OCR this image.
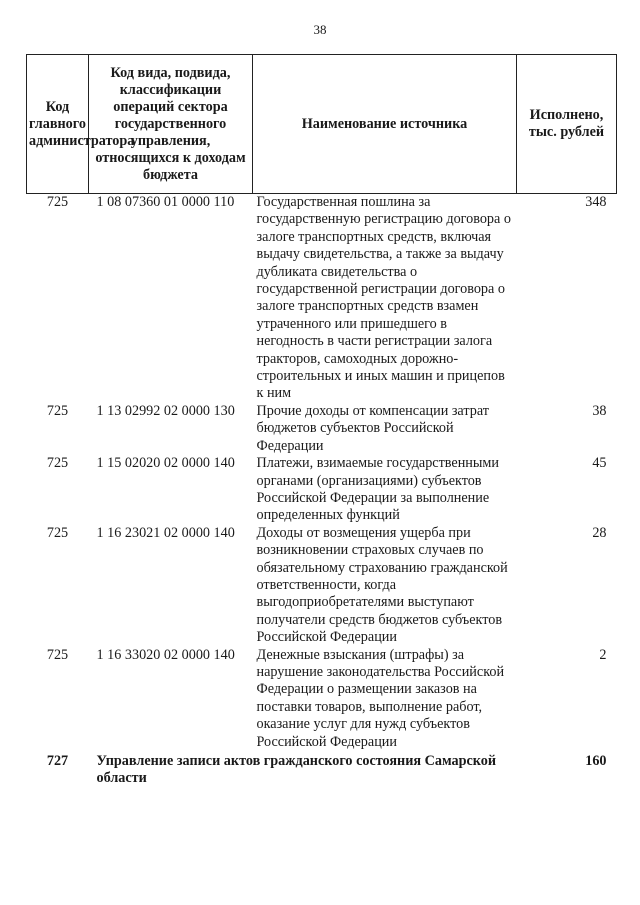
38
Код главного администратора	Код вида, подвида, классификации операций сектора государственного управления, относящихся к доходам бюджета	Наименование источника	Исполнено, тыс. рублей
725	1 08 07360 01 0000 110	Государственная пошлина за государственную регистрацию договора о залоге транспортных средств, включая выдачу свидетельства, а также за выдачу дубликата свидетельства о государственной регистрации договора о залоге транспортных средств взамен утраченного или пришедшего в негодность в части регистрации залога тракторов, самоходных дорожно-строительных и иных машин и прицепов к ним	348
725	1 13 02992 02 0000 130	Прочие доходы от компенсации затрат бюджетов субъектов Российской Федерации	38
725	1 15 02020 02 0000 140	Платежи, взимаемые государственными органами (организациями) субъектов Российской Федерации за выполнение определенных функций	45
725	1 16 23021 02 0000 140	Доходы от возмещения ущерба при возникновении страховых случаев по обязательному страхованию гражданской ответственности, когда выгодоприобретателями выступают получатели средств бюджетов субъектов Российской Федерации	28
725	1 16 33020 02 0000 140	Денежные взыскания (штрафы) за нарушение законодательства Российской Федерации о размещении заказов на поставки товаров, выполнение работ, оказание услуг для нужд субъектов Российской Федерации	2
727	Управление записи актов гражданского состояния Самарской области		160
